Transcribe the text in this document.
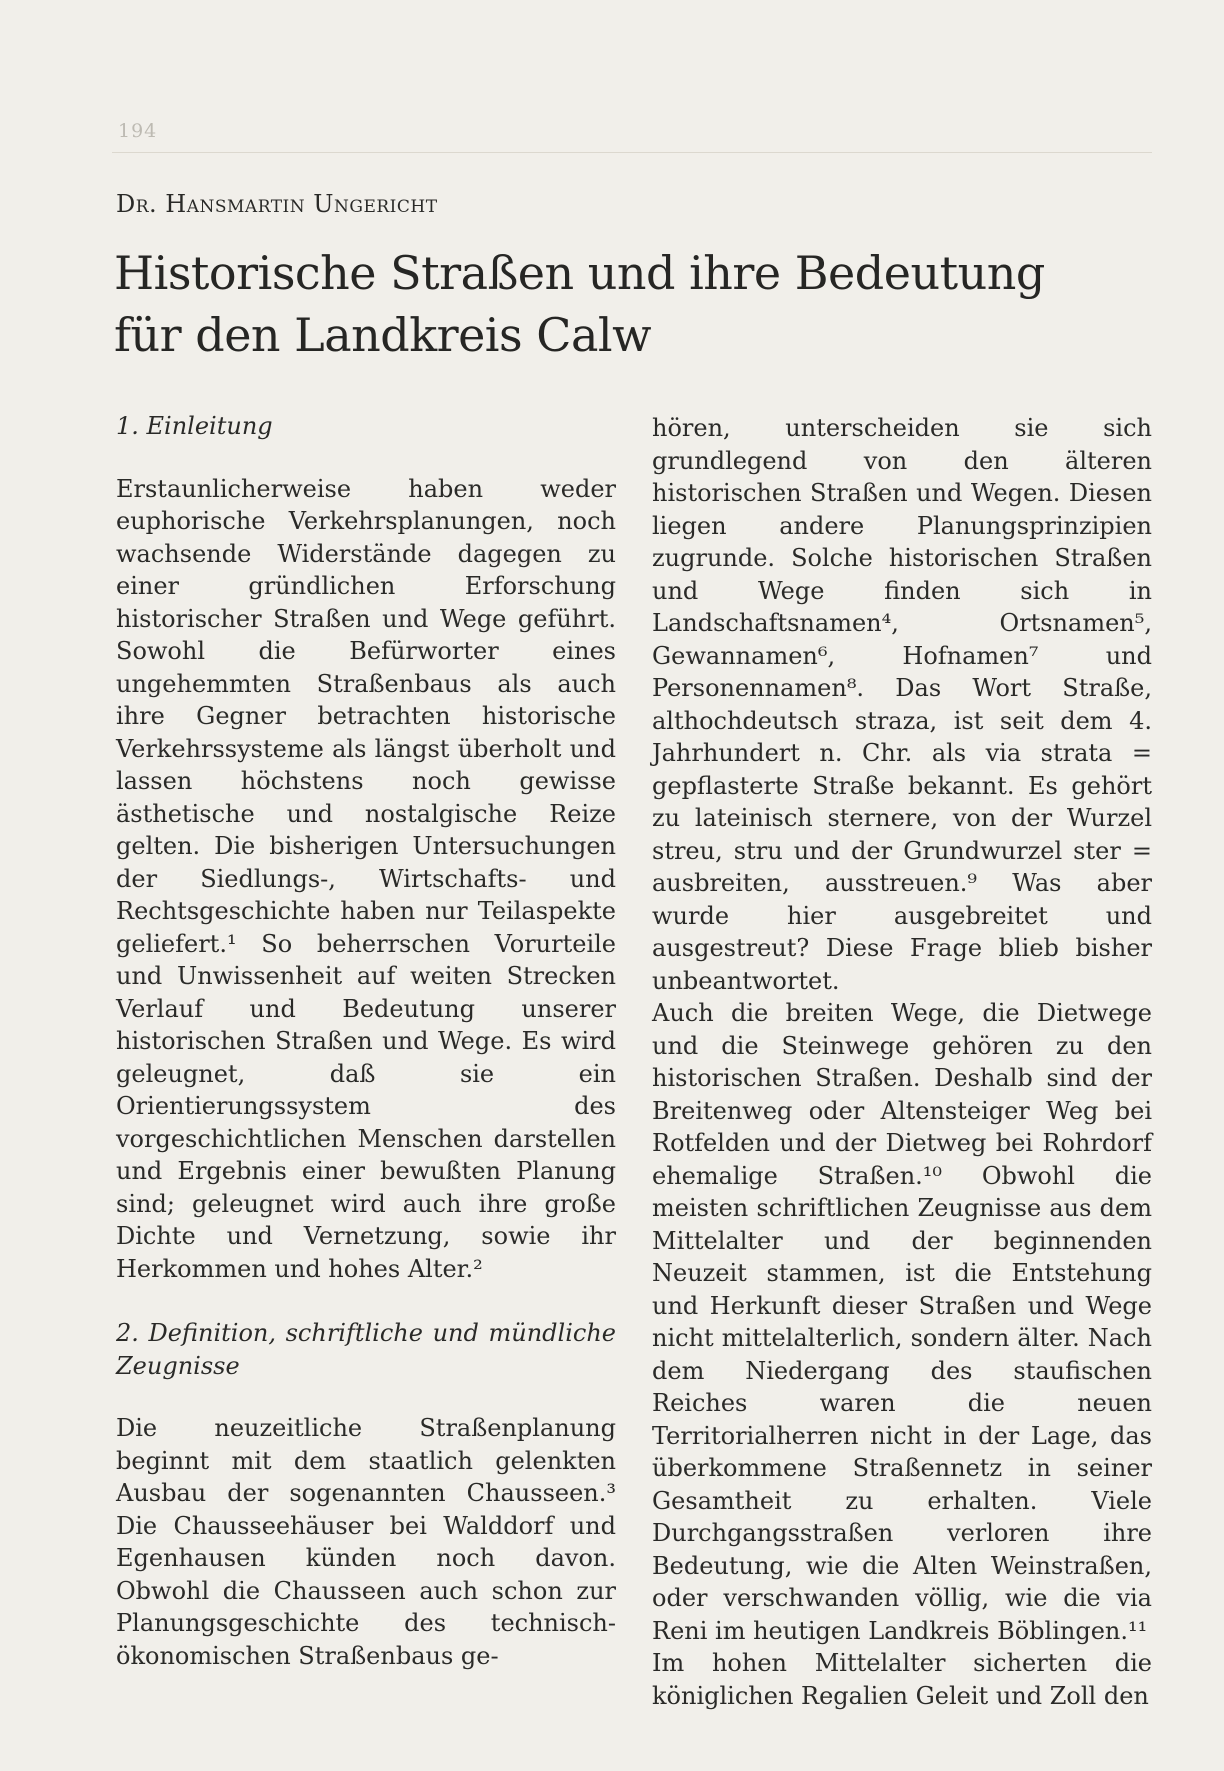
194
Dr. Hansmartin Ungericht
Historische Straßen und ihre Bedeutung für den Landkreis Calw

1. Einleitung

Erstaunlicherweise haben weder euphorische Verkehrsplanungen, noch wachsende Widerstände dagegen zu einer gründlichen Erforschung historischer Straßen und Wege geführt. Sowohl die Befürworter eines ungehemmten Straßenbaus als auch ihre Gegner betrachten historische Verkehrssysteme als längst überholt und lassen höchstens noch gewisse ästhetische und nostalgische Reize gelten. Die bisherigen Untersuchungen der Siedlungs-, Wirtschafts- und Rechtsgeschichte haben nur Teilaspekte geliefert.¹ So beherrschen Vorurteile und Unwissenheit auf weiten Strecken Verlauf und Bedeutung unserer historischen Straßen und Wege. Es wird geleugnet, daß sie ein Orientierungssystem des vorgeschichtlichen Menschen darstellen und Ergebnis einer bewußten Planung sind; geleugnet wird auch ihre große Dichte und Vernetzung, sowie ihr Herkommen und hohes Alter.²

2. Definition, schriftliche und mündliche Zeugnisse

Die neuzeitliche Straßenplanung beginnt mit dem staatlich gelenkten Ausbau der sogenannten Chausseen.³ Die Chausseehäuser bei Walddorf und Egenhausen künden noch davon. Obwohl die Chausseen auch schon zur Planungsgeschichte des technisch-ökonomischen Straßenbaus ge-

hören, unterscheiden sie sich grundlegend von den älteren historischen Straßen und Wegen. Diesen liegen andere Planungsprinzipien zugrunde. Solche historischen Straßen und Wege finden sich in Landschaftsnamen⁴, Ortsnamen⁵, Gewannamen⁶, Hofnamen⁷ und Personennamen⁸. Das Wort Straße, althochdeutsch straza, ist seit dem 4. Jahrhundert n. Chr. als via strata = gepflasterte Straße bekannt. Es gehört zu lateinisch sternere, von der Wurzel streu, stru und der Grundwurzel ster = ausbreiten, ausstreuen.⁹ Was aber wurde hier ausgebreitet und ausgestreut? Diese Frage blieb bisher unbeantwortet.

Auch die breiten Wege, die Dietwege und die Steinwege gehören zu den historischen Straßen. Deshalb sind der Breitenweg oder Altensteiger Weg bei Rotfelden und der Dietweg bei Rohrdorf ehemalige Straßen.¹⁰ Obwohl die meisten schriftlichen Zeugnisse aus dem Mittelalter und der beginnenden Neuzeit stammen, ist die Entstehung und Herkunft dieser Straßen und Wege nicht mittelalterlich, sondern älter. Nach dem Niedergang des staufischen Reiches waren die neuen Territorialherren nicht in der Lage, das überkommene Straßennetz in seiner Gesamtheit zu erhalten. Viele Durchgangsstraßen verloren ihre Bedeutung, wie die Alten Weinstraßen, oder verschwanden völlig, wie die via Reni im heutigen Landkreis Böblingen.¹¹

Im hohen Mittelalter sicherten die königlichen Regalien Geleit und Zoll den
